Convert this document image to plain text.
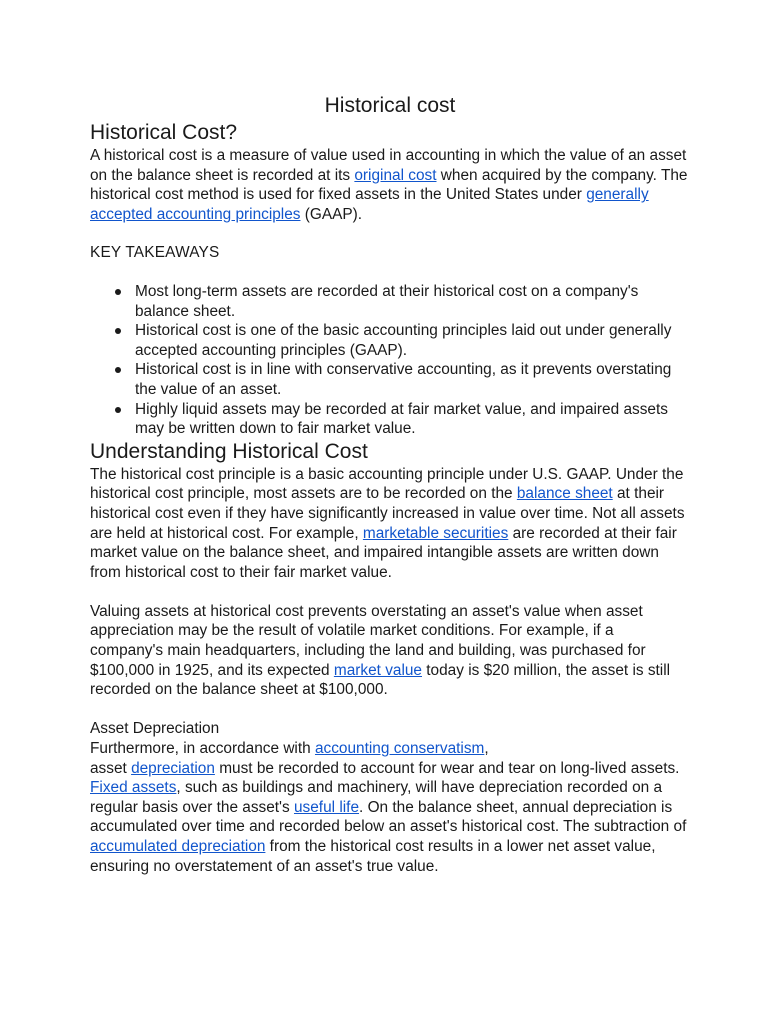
Historical cost
Historical Cost?

A historical cost is a measure of value used in accounting in which the value of an asset on the balance sheet is recorded at its original cost when acquired by the company. The historical cost method is used for fixed assets in the United States under generally accepted accounting principles (GAAP).

KEY TAKEAWAYS
Most long-term assets are recorded at their historical cost on a company's balance sheet.
Historical cost is one of the basic accounting principles laid out under generally accepted accounting principles (GAAP).
Historical cost is in line with conservative accounting, as it prevents overstating the value of an asset.
Highly liquid assets may be recorded at fair market value, and impaired assets may be written down to fair market value.
Understanding Historical Cost

The historical cost principle is a basic accounting principle under U.S. GAAP. Under the historical cost principle, most assets are to be recorded on the balance sheet at their historical cost even if they have significantly increased in value over time. Not all assets are held at historical cost. For example, marketable securities are recorded at their fair market value on the balance sheet, and impaired intangible assets are written down from historical cost to their fair market value.

Valuing assets at historical cost prevents overstating an asset's value when asset appreciation may be the result of volatile market conditions. For example, if a company's main headquarters, including the land and building, was purchased for $100,000 in 1925, and its expected market value today is $20 million, the asset is still recorded on the balance sheet at $100,000.

Asset Depreciation

Furthermore, in accordance with accounting conservatism,
asset depreciation must be recorded to account for wear and tear on long-lived assets. Fixed assets, such as buildings and machinery, will have depreciation recorded on a regular basis over the asset's useful life. On the balance sheet, annual depreciation is accumulated over time and recorded below an asset's historical cost. The subtraction of accumulated depreciation from the historical cost results in a lower net asset value, ensuring no overstatement of an asset's true value.
